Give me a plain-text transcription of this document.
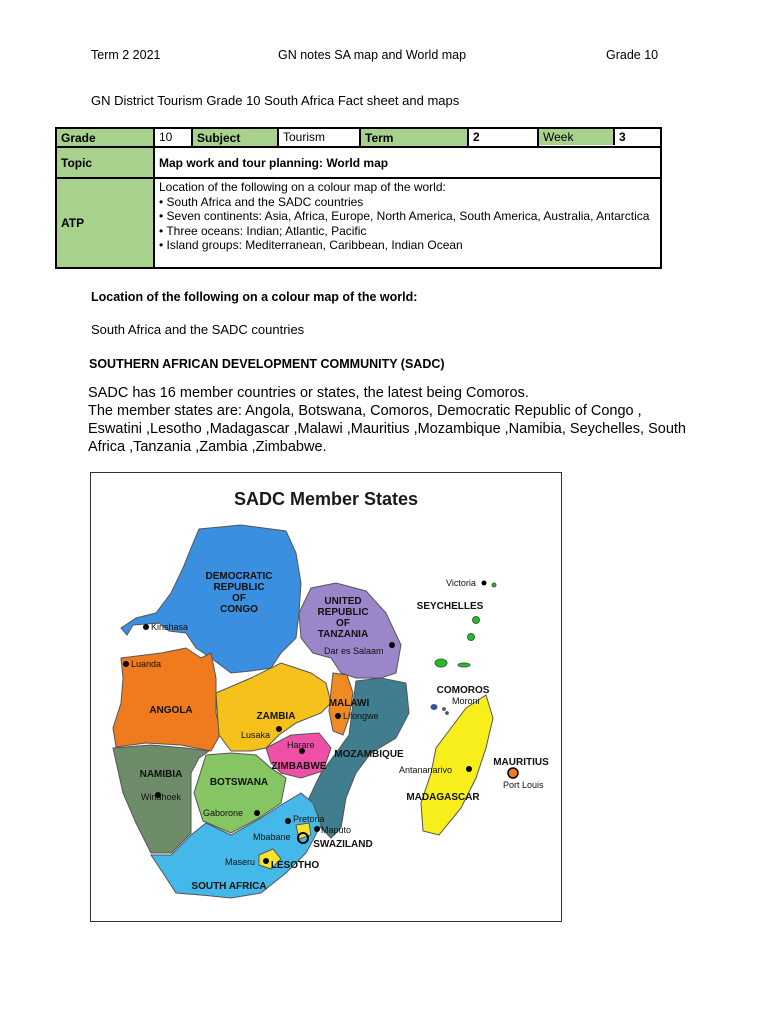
Term 2 2021	GN notes SA map and World map	Grade 10
GN District Tourism Grade 10 South Africa Fact sheet and maps
Grade	10	Subject	Tourism	Term	2	Week 3

Topic	Map work and tour planning: World map					
ATP	Location of the following on a colour map of the world:
• South Africa and the SADC countries
• Seven continents: Asia, Africa, Europe, North America, South America, Australia, Antarctica
• Three oceans: Indian; Atlantic, Pacific
• Island groups: Mediterranean, Caribbean, Indian Ocean					
Location of the following on a colour map of the world:
South Africa and the SADC countries
SOUTHERN AFRICAN DEVELOPMENT COMMUNITY (SADC)
SADC has 16 member countries or states, the latest being Comoros.
The member states are: Angola, Botswana, Comoros, Democratic Republic of Congo , Eswatini ,Lesotho ,Madagascar ,Malawi ,Mauritius ,Mozambique ,Namibia, Seychelles, South Africa ,Tanzania ,Zambia ,Zimbabwe.
SADC Member States
DEMOCRATIC
REPUBLIC
OF
CONGO
UNITED
REPUBLIC
OF
TANZANIA
ANGOLA
ZAMBIA
MALAWI
MOZAMBIQUE
ZIMBABWE
NAMIBIA
BOTSWANA
SWAZILAND
LESOTHO
SOUTH AFRICA
MADAGASCAR
COMOROS
SEYCHELLES
MAURITIUS
Kinshasa
Luanda
Dar es Salaam
Lilongwe
Lusaka
Harare
Windhoek
Gaborone
Pretoria
Mbabane
Maputo
Maseru
Antananarivo
Port Louis
Moroni
Victoria
